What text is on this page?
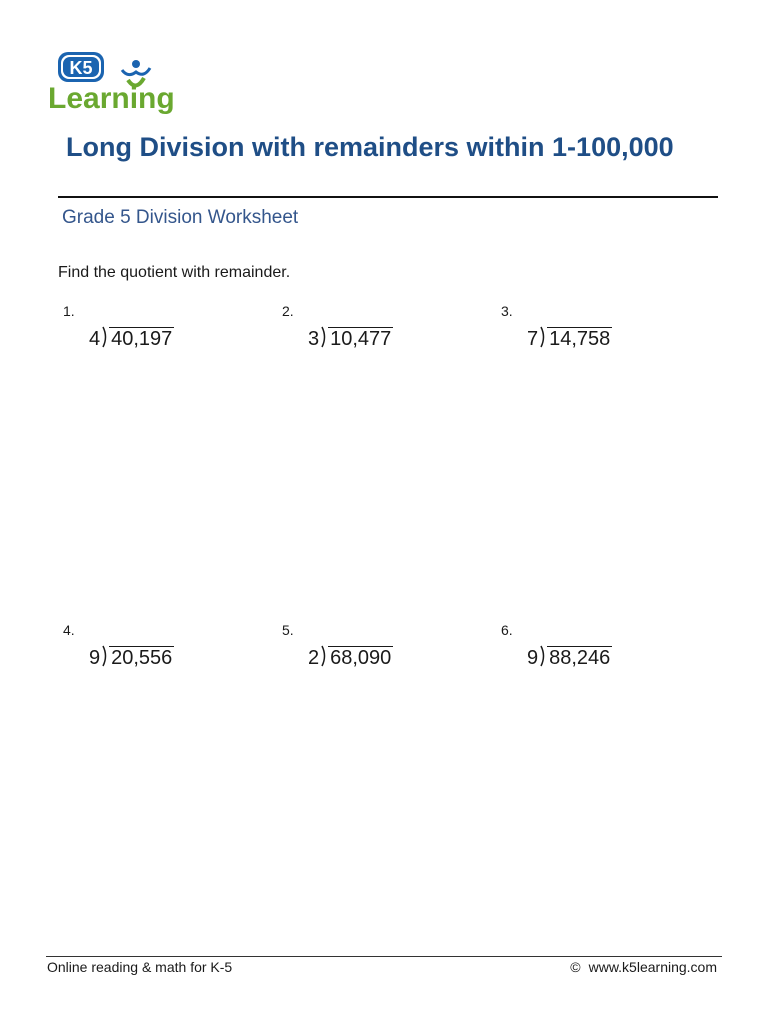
K5
Learning
Long Division with remainders within 1-100,000
Grade 5 Division Worksheet
Find the quotient with remainder.
1.
4 40,197
2.
3 10,477
3.
7 14,758
4.
9 20,556
5.
2 68,090
6.
9 88,246
Online reading & math for K-5	© www.k5learning.com
